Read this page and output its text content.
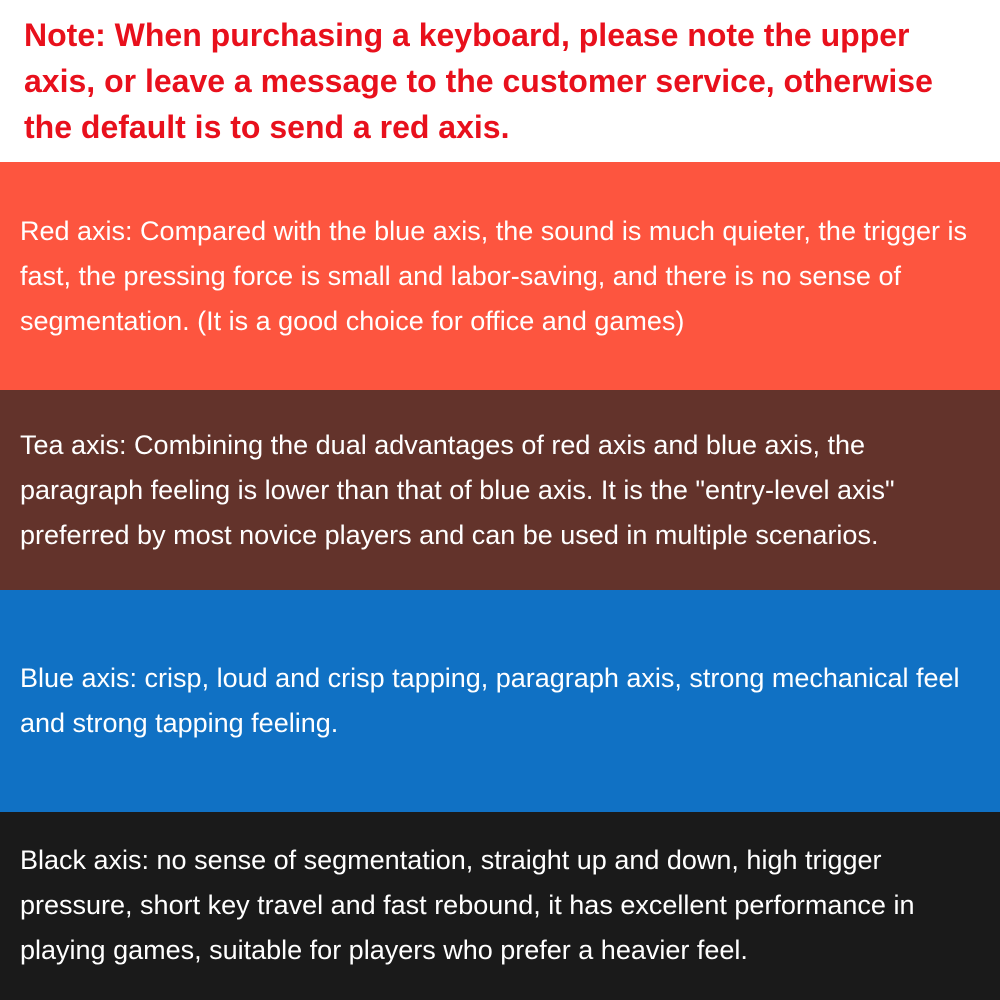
Note: When purchasing a keyboard, please note the upper axis, or leave a message to the customer service, otherwise the default is to send a red axis.

Red axis: Compared with the blue axis, the sound is much quieter, the trigger is fast, the pressing force is small and labor-saving, and there is no sense of segmentation. (It is a good choice for office and games)

Tea axis: Combining the dual advantages of red axis and blue axis, the paragraph feeling is lower than that of blue axis. It is the "entry-level axis" preferred by most novice players and can be used in multiple scenarios.

Blue axis: crisp, loud and crisp tapping, paragraph axis, strong mechanical feel and strong tapping feeling.

Black axis: no sense of segmentation, straight up and down, high trigger pressure, short key travel and fast rebound, it has excellent performance in playing games, suitable for players who prefer a heavier feel.
